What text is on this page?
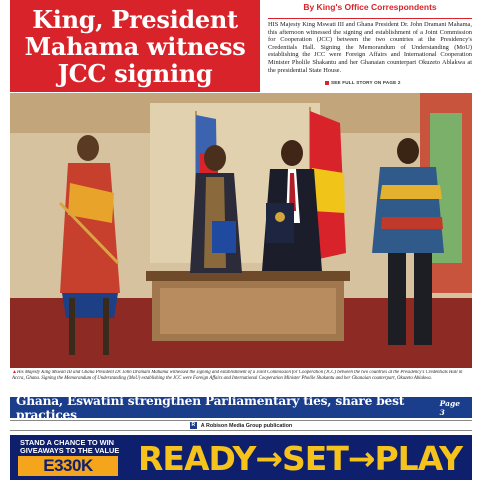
King, President
Mahama witness
JCC signing
By King's Office Correspondents
HIS Majesty King Mswati III and Ghana President Dr. John Dramani Mahama, this afternoon witnessed the signing and establishment of a Joint Commission for Cooperation (JCC) between the two countries at the Presidency's Credentials Hall. Signing the Memorandum of Understanding (MoU) establishing the JCC were Foreign Affairs and International Cooperation Minister Pholile Shakantu and her Ghanaian counterpart Okuzeto Ablakwa at the presidential State House.
SEE FULL STORY ON PAGE 2
▲His Majesty King Mswati III and Ghana President Dr. John Dramani Mahama witnessed the signing and establishment of a Joint Commission for Cooperation (JCC) between the two countries at the Presidency's Credentials Hall in Accra, Ghana. Signing the Memorandum of Understanding (MoU) establishing the JCC were Foreign Affairs and International Cooperation Minister Pholile Shakantu and her Ghanaian counterpart, Okuzeto Ablakwa.
Ghana, Eswatini strengthen Parliamentary ties, share best practices
Page 3
R	A Robison Media Group publication
STAND A CHANCE TO WIN
GIVEAWAYS TO THE VALUE
E330K	READY→SET→PLAY
